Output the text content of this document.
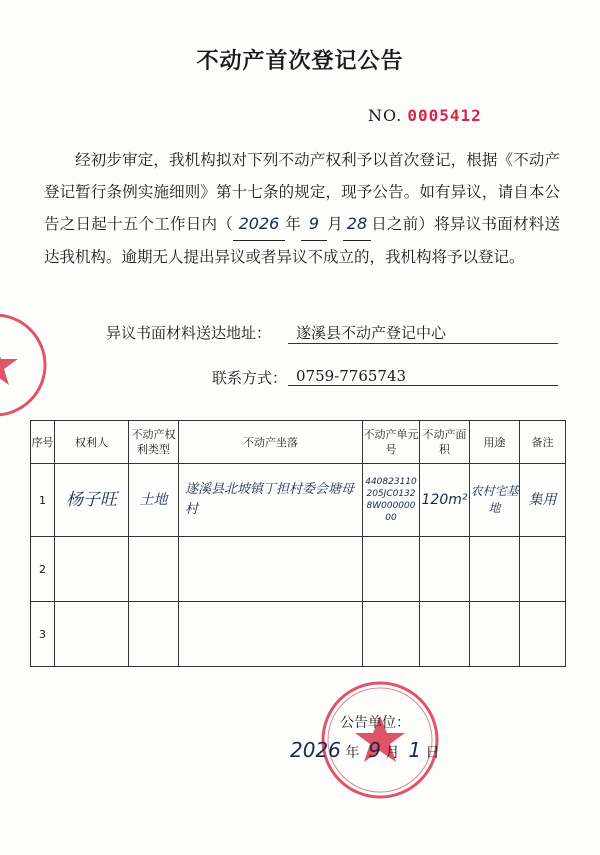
不动产首次登记公告
NO. 0005412
  经初步审定，我机构拟对下列不动产权利予以首次登记，根据《不动产登记暂行条例实施细则》第十七条的规定，现予公告。如有异议，请自本公告之日起十五个工作日内（ 2026 年 9 月 28 日之前）将异议书面材料送达我机构。逾期无人提出异议或者异议不成立的，我机构将予以登记。
异议书面材料送达地址：	遂溪县不动产登记中心
联系方式： 0759-7765743
序号	权利人	不动产权利类型	不动产坐落	不动产单元号	不动产面　积	用途	备注
1	杨子旺	土地	遂溪县北坡镇丁担村委会塘母村	440823110205JC01328W00000000	120m²	农村宅基地	集用
2							
3							
公告单位：
2026 年 9 月 1 日
